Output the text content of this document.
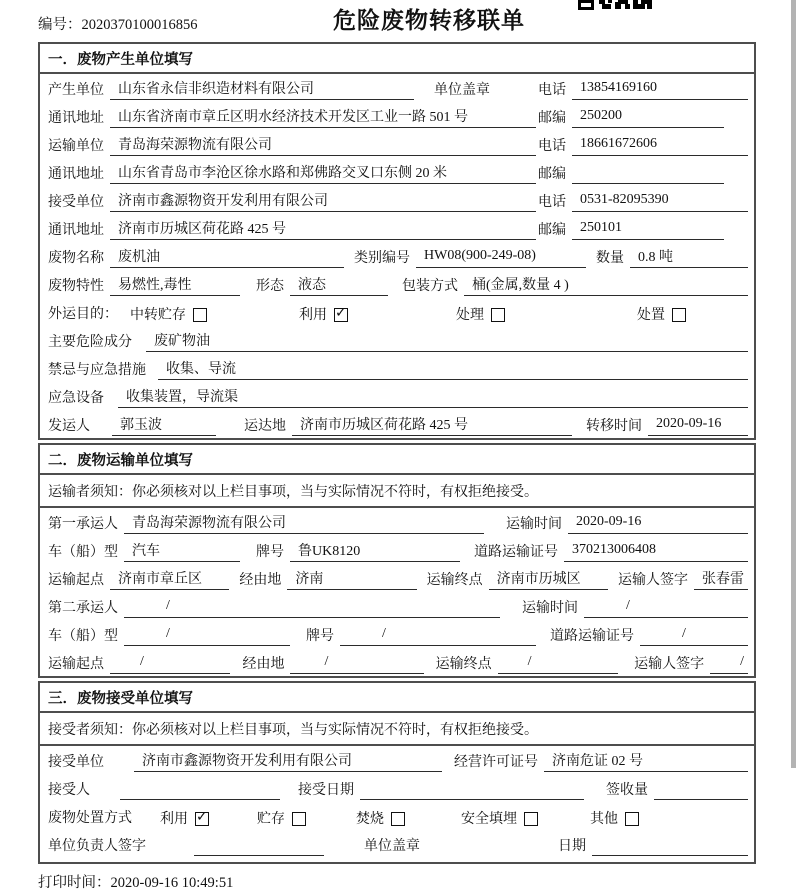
编号：2020370100016856	危险废物转移联单
一．废物产生单位填写
产生单位	山东省永信非织造材料有限公司	单位盖章	电话	13854169160
通讯地址	山东省济南市章丘区明水经济技术开发区工业一路 501 号	邮编	250200
运输单位	青岛海荣源物流有限公司	电话	18661672606
通讯地址	山东省青岛市李沧区徐水路和郑佛路交叉口东侧 20 米	邮编
接受单位	济南市鑫源物资开发利用有限公司	电话	0531-82095390
通讯地址	济南市历城区荷花路 425 号	邮编	250101
废物名称	废机油	类别编号	HW08(900-249-08)	数量	0.8 吨
废物特性	易燃性,毒性	形态	液态	包装方式	桶(金属,数量 4 )
外运目的： 中转贮存	利用 ✓	处理	处置
主要危险成分	废矿物油
禁忌与应急措施	收集、导流
应急设备	收集装置，导流渠
发运人	郭玉波	运达地	济南市历城区荷花路 425 号	转移时间	2020-09-16
二．废物运输单位填写
运输者须知：你必须核对以上栏目事项，当与实际情况不符时，有权拒绝接受。
第一承运人	青岛海荣源物流有限公司	运输时间	2020-09-16
车（船）型	汽车	牌号	鲁UK8120	道路运输证号	370213006408
运输起点	济南市章丘区	经由地	济南	运输终点	济南市历城区	运输人签字	张春雷
第二承运人	/	运输时间	/
车（船）型	/	牌号	/	道路运输证号	/
运输起点	/	经由地	/	运输终点	/	运输人签字	/
三．废物接受单位填写
接受者须知：你必须核对以上栏目事项，当与实际情况不符时，有权拒绝接受。
接受单位	济南市鑫源物资开发利用有限公司	经营许可证号	济南危证 02 号
接受人	接受日期	签收量
废物处置方式	利用 ✓	贮存	焚烧	安全填埋	其他
单位负责人签字	单位盖章	日期
打印时间：2020-09-16 10:49:51
